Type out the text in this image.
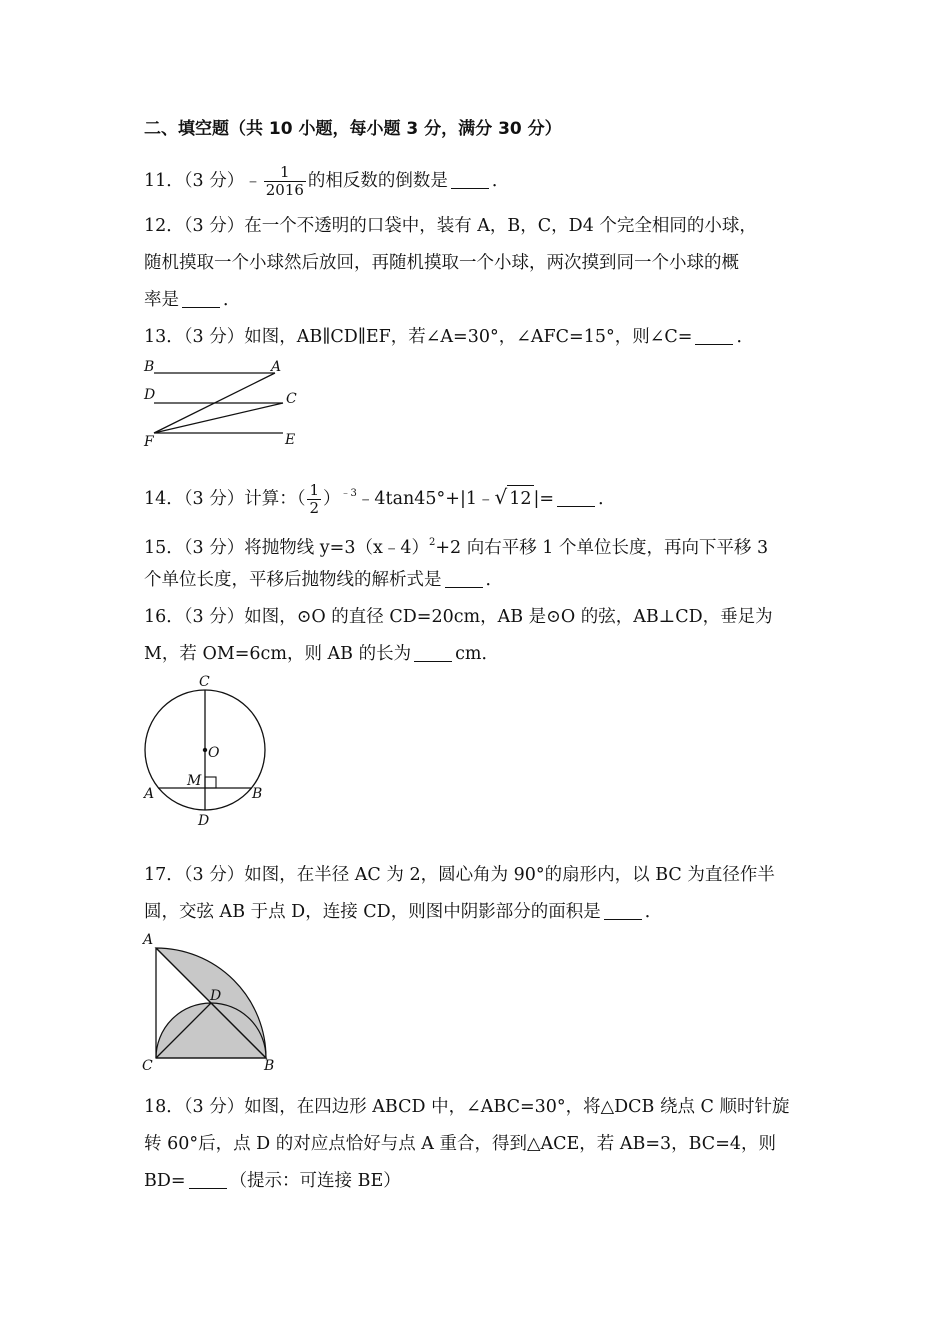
二、填空题（共 10 小题，每小题 3 分，满分 30 分）
11．（3 分）﹣ $\frac{1}{2016}$ 的相反数的倒数是	．
12．（3 分）在一个不透明的口袋中，装有 A，B，C，D4 个完全相同的小球，
随机摸取一个小球然后放回，再随机摸取一个小球，两次摸到同一个小球的概
率是	．
13．（3 分）如图，AB∥CD∥EF，若∠A=30°，∠AFC=15°，则∠C=	．
B	A
D	C
F	E
14．（3 分）计算：（ $\frac{1}{2}$ ）$^{﹣3}$﹣4tan45°+|1﹣√ 12 |=	．
15．（3 分）将抛物线 y=3（x﹣4）$^2$+2 向右平移 1 个单位长度，再向下平移 3
个单位长度，平移后抛物线的解析式是	．
16．（3 分）如图，⊙O 的直径 CD=20cm，AB 是⊙O 的弦，AB⊥CD，垂足为
M，若 OM=6cm，则 AB 的长为	cm．
C
O
M
A	B
D
17．（3 分）如图，在半径 AC 为 2，圆心角为 90°的扇形内，以 BC 为直径作半
圆，交弦 AB 于点 D，连接 CD，则图中阴影部分的面积是	．
A
D
C	B
18．（3 分）如图，在四边形 ABCD 中，∠ABC=30°，将△DCB 绕点 C 顺时针旋
转 60°后，点 D 的对应点恰好与点 A 重合，得到△ACE，若 AB=3，BC=4，则
BD=	（提示：可连接 BE）
